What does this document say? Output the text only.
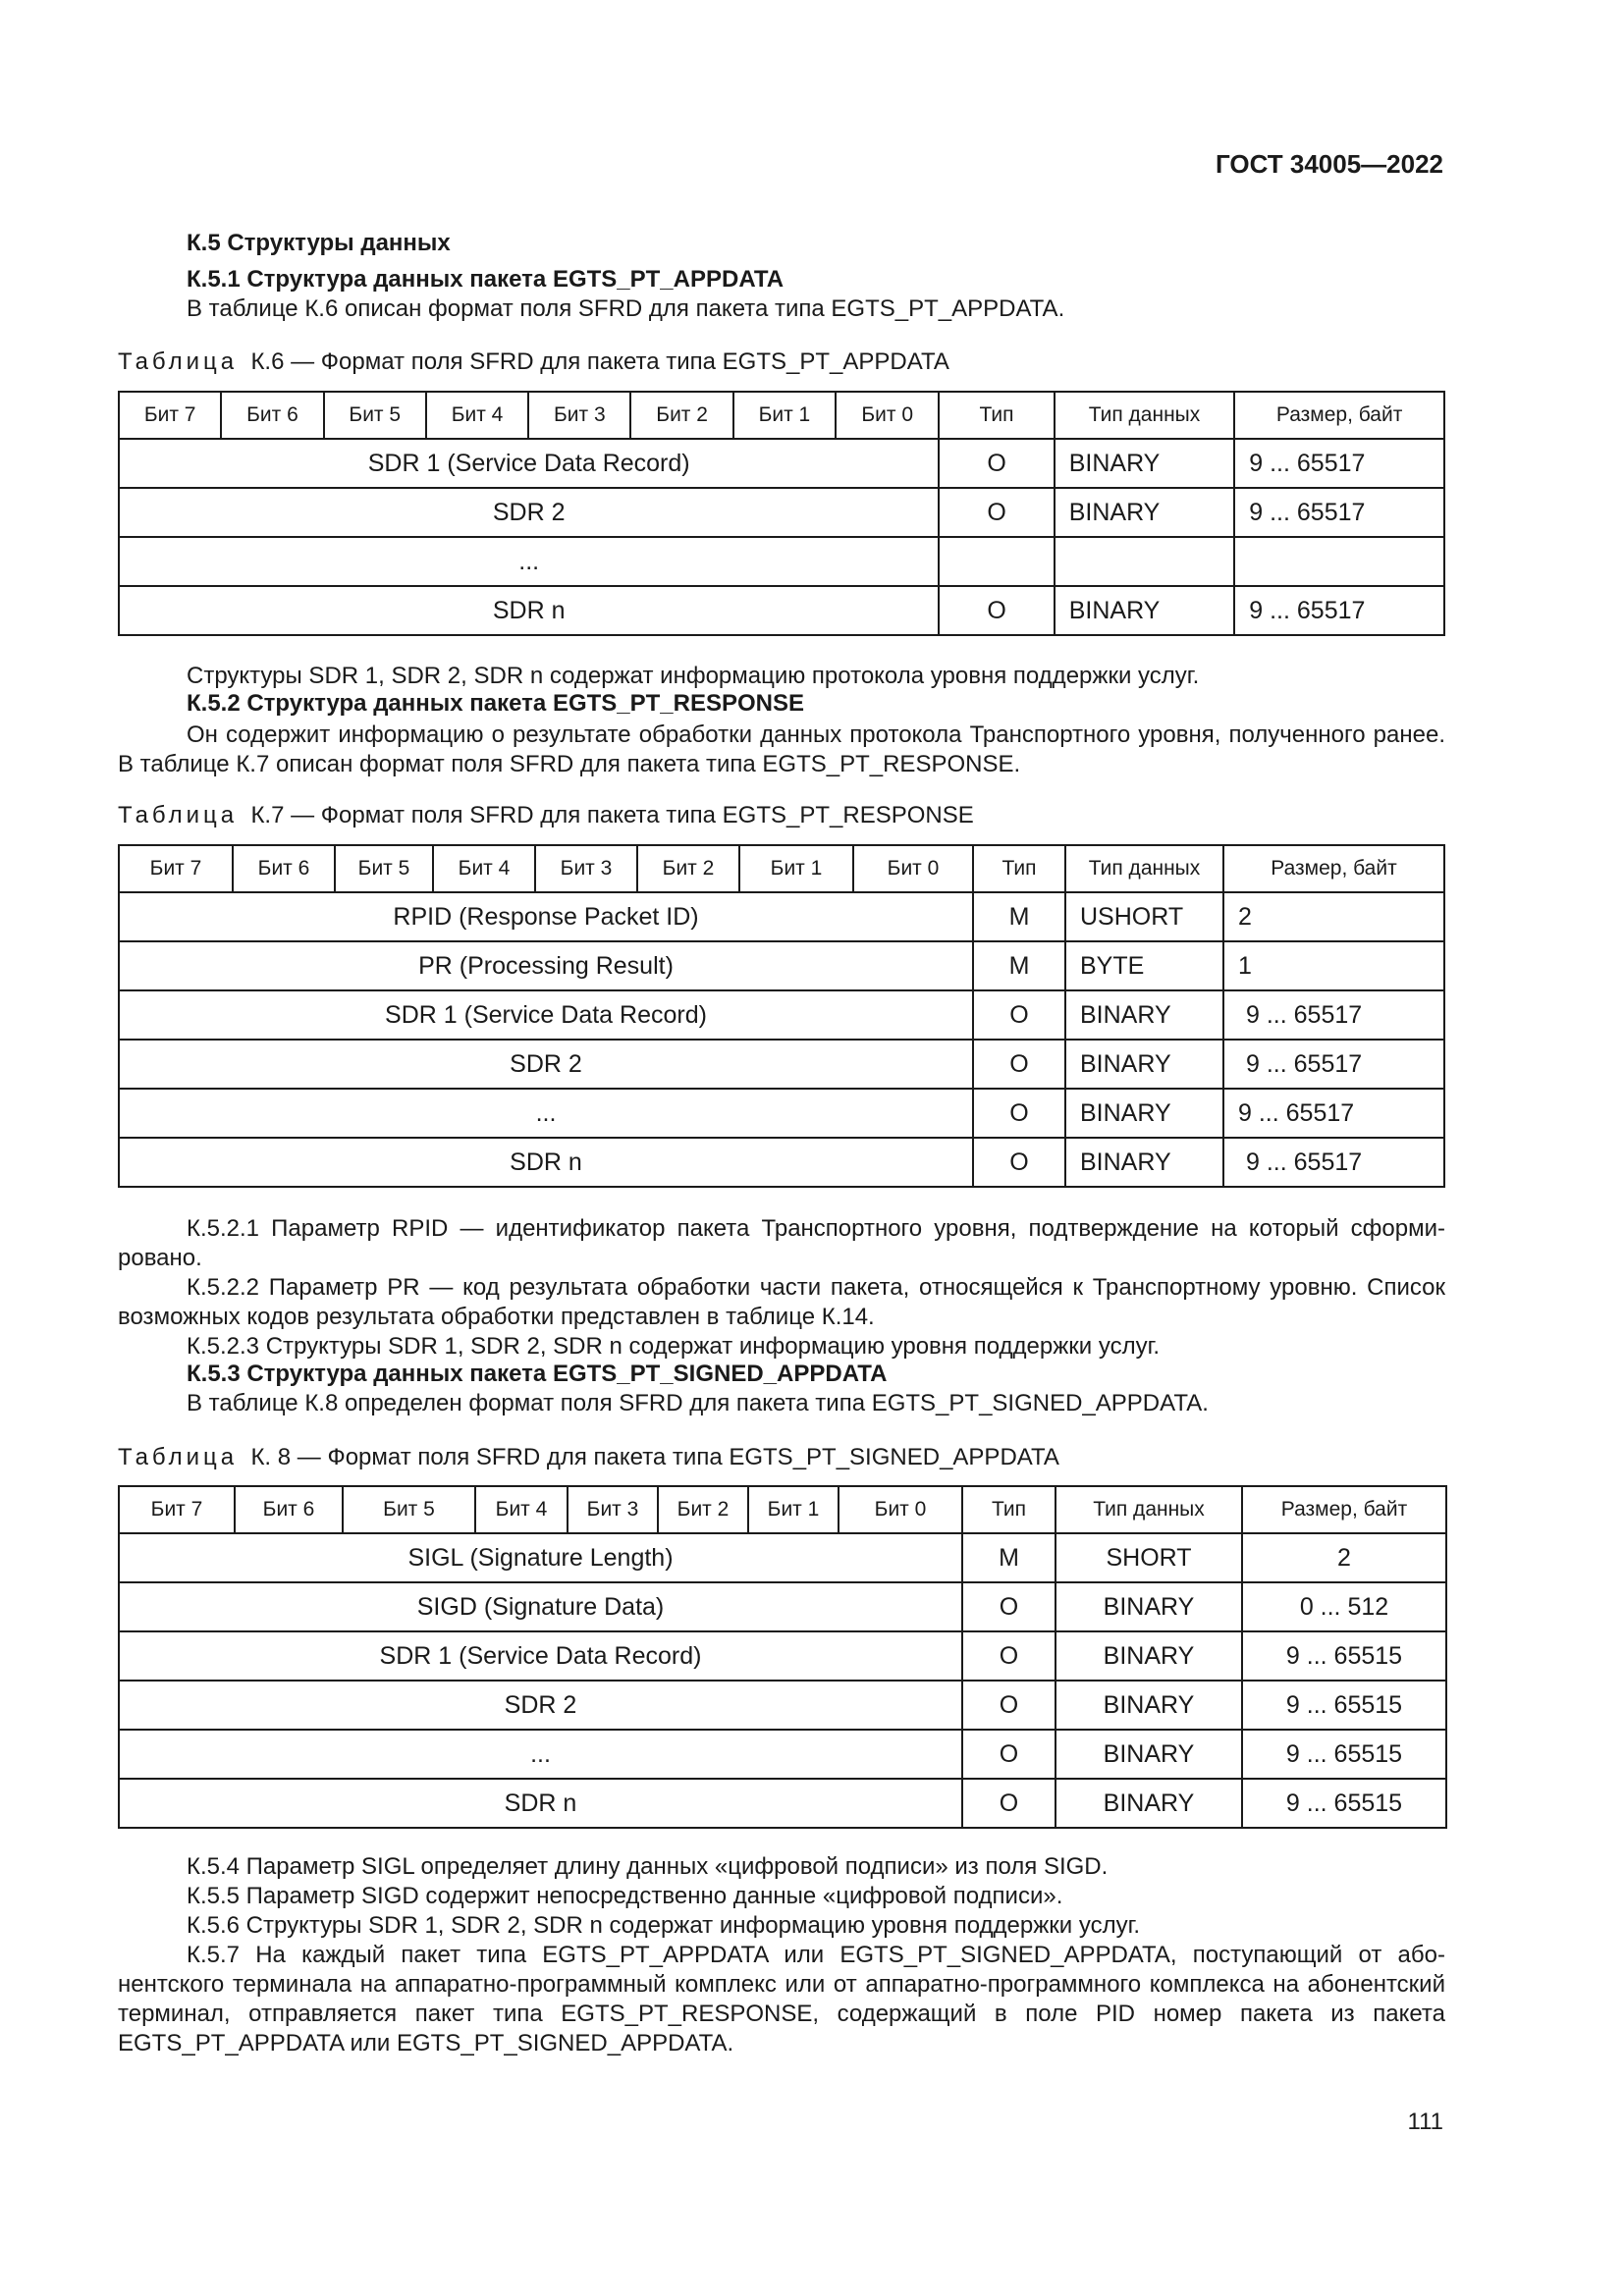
ГОСТ 34005—2022
К.5 Структуры данных
К.5.1 Структура данных пакета EGTS_PT_APPDATA
В таблице К.6 описан формат поля SFRD для пакета типа EGTS_PT_APPDATA.
Таблица К.6 — Формат поля SFRD для пакета типа EGTS_PT_APPDATA
Бит 7	Бит 6	Бит 5	Бит 4	Бит 3	Бит 2	Бит 1	Бит 0	Тип	Тип данных	Размер, байт
SDR 1 (Service Data Record)								O	BINARY	9 ... 65517
SDR 2								O	BINARY	9 ... 65517
...										
SDR n								O	BINARY	9 ... 65517
Структуры SDR 1, SDR 2, SDR n содержат информацию протокола уровня поддержки услуг.
К.5.2 Структура данных пакета EGTS_PT_RESPONSE
Он содержит информацию о результате обработки данных протокола Транспортного уровня, полученного ранее. В таблице К.7 описан формат поля SFRD для пакета типа EGTS_PT_RESPONSE.
Таблица К.7 — Формат поля SFRD для пакета типа EGTS_PT_RESPONSE
Бит 7	Бит 6	Бит 5	Бит 4	Бит 3	Бит 2	Бит 1	Бит 0	Тип	Тип данных	Размер, байт
RPID (Response Packet ID)								M	USHORT	2
PR (Processing Result)								M	BYTE	1
SDR 1 (Service Data Record)								O	BINARY	9 ... 65517
SDR 2								O	BINARY	9 ... 65517
...								O	BINARY	9 ... 65517
SDR n								O	BINARY	9 ... 65517
К.5.2.1 Параметр RPID — идентификатор пакета Транспортного уровня, подтверждение на который сформировано.
К.5.2.2 Параметр PR — код результата обработки части пакета, относящейся к Транспортному уровню. Список возможных кодов результата обработки представлен в таблице К.14.
К.5.2.3 Структуры SDR 1, SDR 2, SDR n содержат информацию уровня поддержки услуг.
К.5.3 Структура данных пакета EGTS_PT_SIGNED_APPDATA
В таблице К.8 определен формат поля SFRD для пакета типа EGTS_PT_SIGNED_APPDATA.
Таблица К. 8 — Формат поля SFRD для пакета типа EGTS_PT_SIGNED_APPDATA
Бит 7	Бит 6	Бит 5	Бит 4	Бит 3	Бит 2	Бит 1	Бит 0	Тип	Тип данных	Размер, байт
SIGL (Signature Length)								M	SHORT	2
SIGD (Signature Data)								O	BINARY	0 ... 512
SDR 1 (Service Data Record)								O	BINARY	9 ... 65515
SDR 2								O	BINARY	9 ... 65515
...								O	BINARY	9 ... 65515
SDR n								O	BINARY	9 ... 65515
К.5.4 Параметр SIGL определяет длину данных «цифровой подписи» из поля SIGD.
К.5.5 Параметр SIGD содержит непосредственно данные «цифровой подписи».
К.5.6 Структуры SDR 1, SDR 2, SDR n содержат информацию уровня поддержки услуг.
К.5.7 На каждый пакет типа EGTS_PT_APPDATA или EGTS_PT_SIGNED_APPDATA, поступающий от абонентского терминала на аппаратно-программный комплекс или от аппаратно-программного комплекса на абонентский терминал, отправляется пакет типа EGTS_PT_RESPONSE, содержащий в поле PID номер пакета из пакета EGTS_PT_APPDATA или EGTS_PT_SIGNED_APPDATA.
111
